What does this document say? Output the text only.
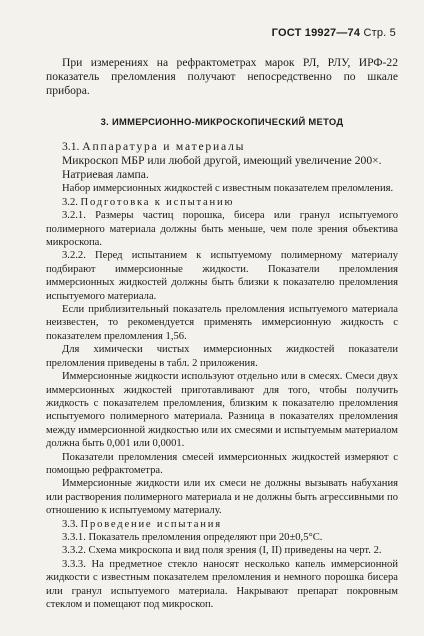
ГОСТ 19927—74 Стр. 5

При измерениях на рефрактометрах марок РЛ, РЛУ, ИРФ-22 показатель преломления получают непосредственно по шкале прибора.

3. ИММЕРСИОННО-МИКРОСКОПИЧЕСКИЙ МЕТОД

3.1. Аппаратура и материалы

Микроскоп МБР или любой другой, имеющий увеличение 200×.

Натриевая лампа.

Набор иммерсионных жидкостей с известным показателем преломления.

3.2. Подготовка к испытанию

3.2.1. Размеры частиц порошка, бисера или гранул испытуемого полимерного материала должны быть меньше, чем поле зрения объектива микроскопа.

3.2.2. Перед испытанием к испытуемому полимерному материалу подбирают иммерсионные жидкости. Показатели преломления иммерсионных жидкостей должны быть близки к показателю преломления испытуемого материала.

Если приблизительный показатель преломления испытуемого материала неизвестен, то рекомендуется применять иммерсионную жидкость с показателем преломления 1,56.

Для химически чистых иммерсионных жидкостей показатели преломления приведены в табл. 2 приложения.

Иммерсионные жидкости используют отдельно или в смесях. Смеси двух иммерсионных жидкостей приготавливают для того, чтобы получить жидкость с показателем преломления, близким к показателю преломления испытуемого полимерного материала. Разница в показателях преломления между иммерсионной жидкостью или их смесями и испытуемым материалом должна быть 0,001 или 0,0001.

Показатели преломления смесей иммерсионных жидкостей измеряют с помощью рефрактометра.

Иммерсионные жидкости или их смеси не должны вызывать набухания или растворения полимерного материала и не должны быть агрессивными по отношению к испытуемому материалу.

3.3. Проведение испытания

3.3.1. Показатель преломления определяют при 20±0,5°С.

3.3.2. Схема микроскопа и вид поля зрения (I, II) приведены на черт. 2.

3.3.3. На предметное стекло наносят несколько капель иммерсионной жидкости с известным показателем преломления и немного порошка бисера или гранул испытуемого материала. Накрывают препарат покровным стеклом и помещают под микроскоп.
